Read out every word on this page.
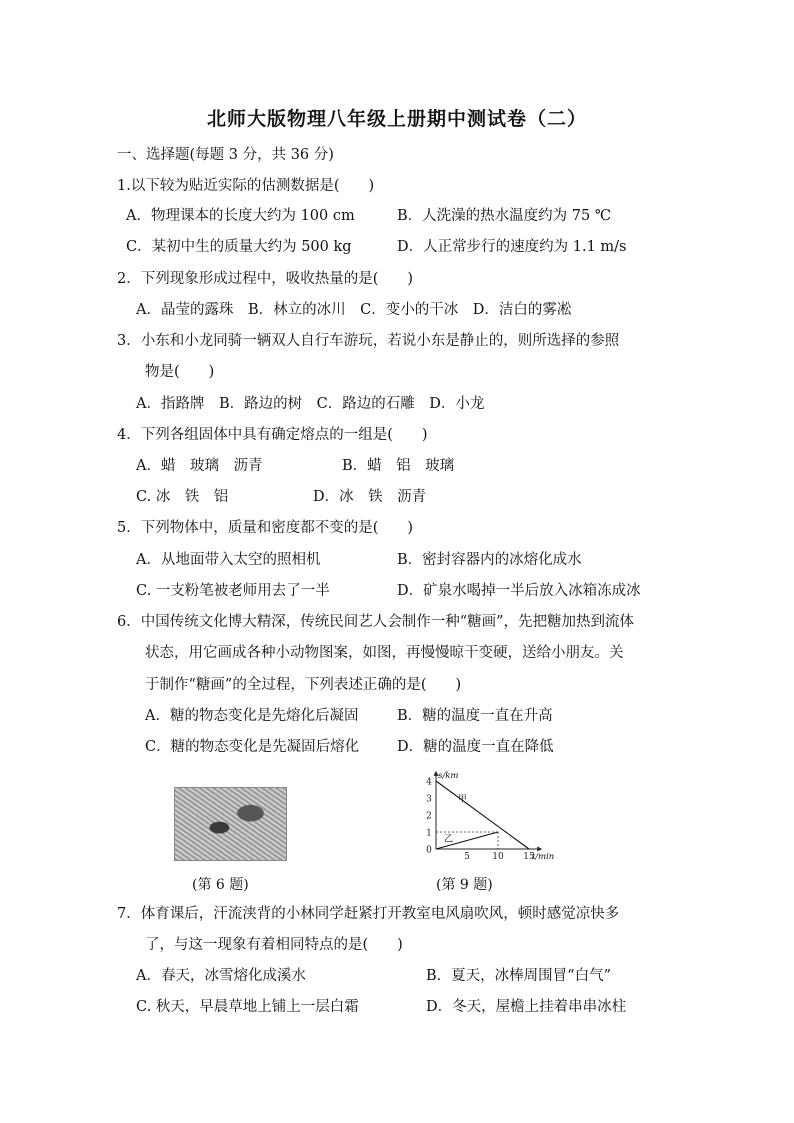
北师大版物理八年级上册期中测试卷（二）
一、选择题(每题 3 分，共 36 分)
1.以下较为贴近实际的估测数据是(　　)
A．物理课本的长度大约为 100 cm	B．人洗澡的热水温度约为 75 ℃
C．某初中生的质量大约为 500 kg	D．人正常步行的速度约为 1.1 m/s
2．下列现象形成过程中，吸收热量的是(　　)
A．晶莹的露珠　B．林立的冰川　C．变小的干冰　D．洁白的雾凇
3．小东和小龙同骑一辆双人自行车游玩，若说小东是静止的，则所选择的参照
物是(　　)
A．指路牌　B．路边的树　C．路边的石雕　D．小龙
4．下列各组固体中具有确定熔点的一组是(　　)
A．蜡　玻璃　沥青	B．蜡　铝　玻璃
C. 冰　铁　铝	D．冰　铁　沥青
5．下列物体中，质量和密度都不变的是(　　)
A．从地面带入太空的照相机	B．密封容器内的冰熔化成水
C. 一支粉笔被老师用去了一半	D．矿泉水喝掉一半后放入冰箱冻成冰
6．中国传统文化博大精深，传统民间艺人会制作一种“糖画”，先把糖加热到流体
状态，用它画成各种小动物图案，如图，再慢慢晾干变硬，送给小朋友。关
于制作“糖画”的全过程，下列表述正确的是(　　)
A．糖的物态变化是先熔化后凝固	B．糖的温度一直在升高
C．糖的物态变化是先凝固后熔化	D．糖的温度一直在降低
(第 6 题)
0
1
2
3
4
5 10 15
甲
乙
s/km
t/min
(第 9 题)
7．体育课后，汗流浃背的小林同学赶紧打开教室电风扇吹风，顿时感觉凉快多
了，与这一现象有着相同特点的是(　　)
A．春天，冰雪熔化成溪水	B．夏天，冰棒周围冒“白气”
C. 秋天，早晨草地上铺上一层白霜	D．冬天，屋檐上挂着串串冰柱
